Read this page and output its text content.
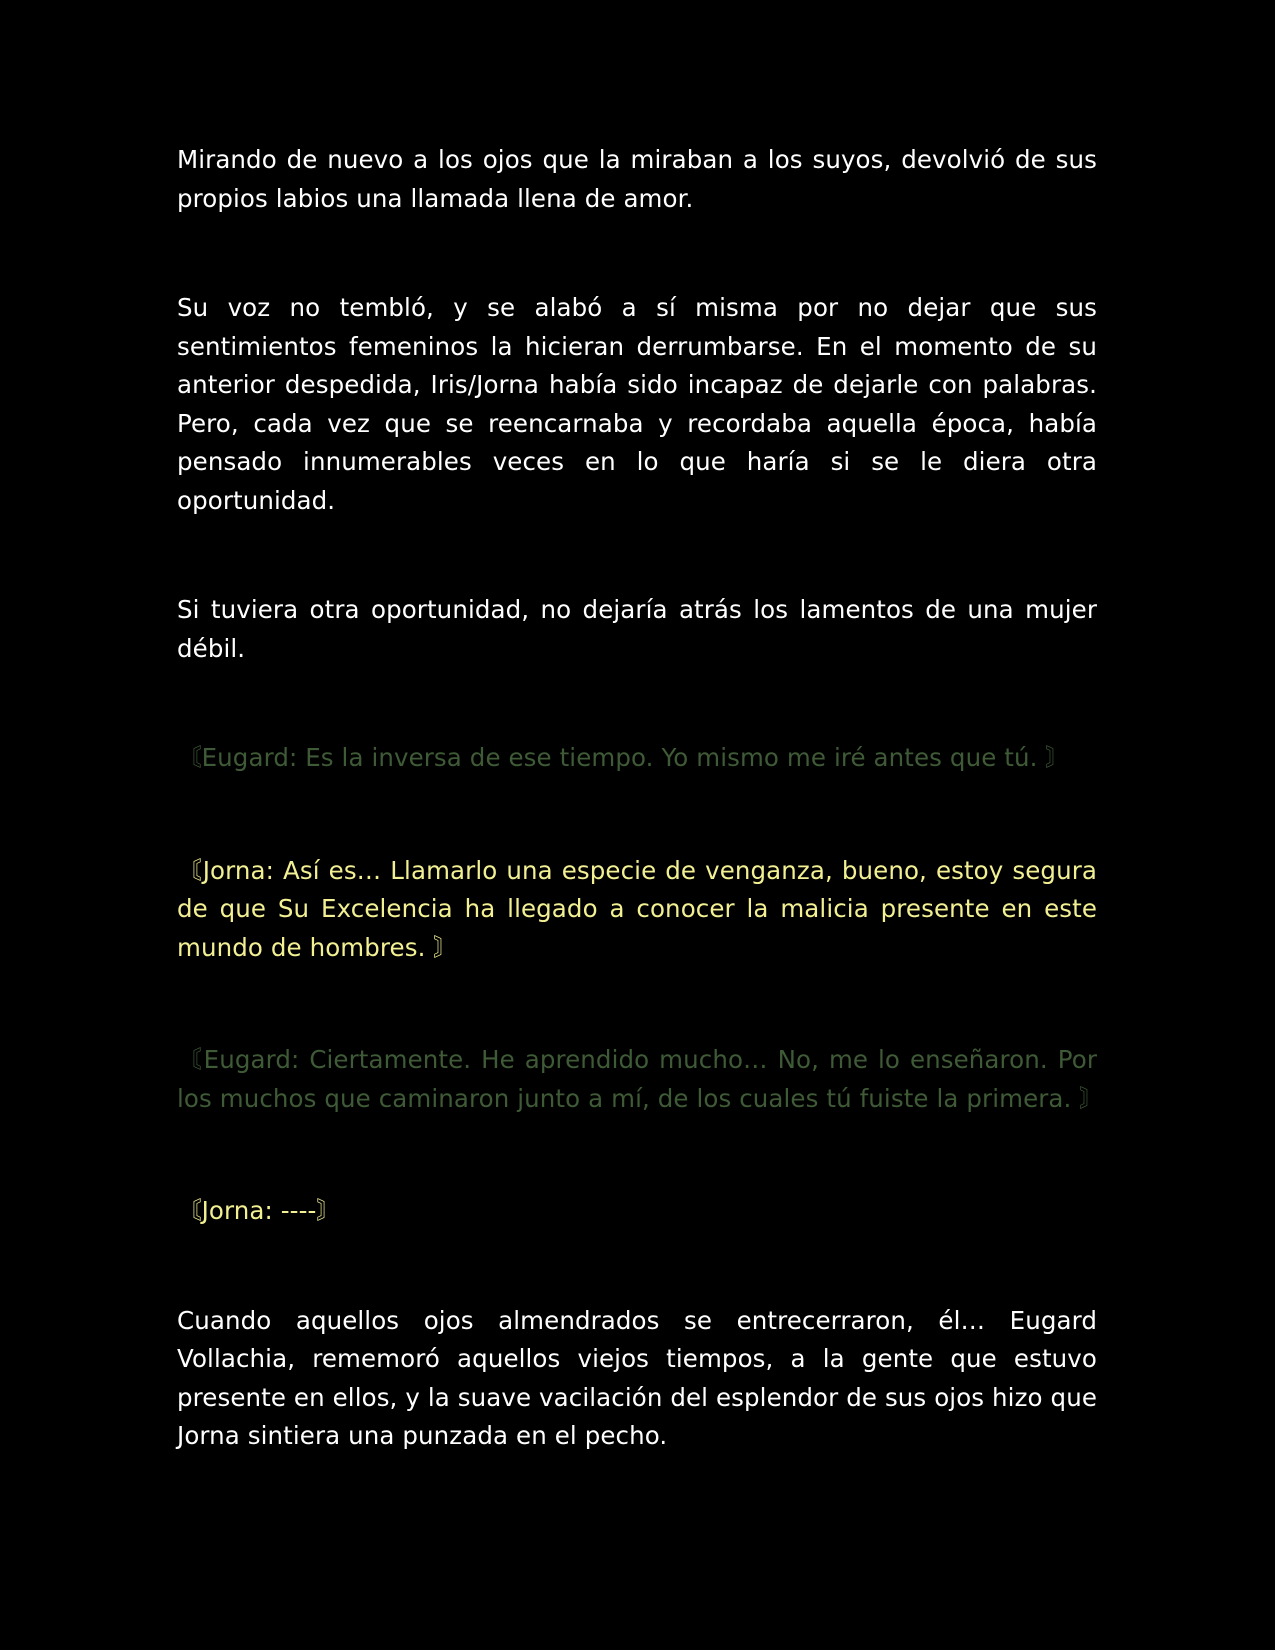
Mirando de nuevo a los ojos que la miraban a los suyos, devolvió de sus propios labios una llamada llena de amor.

Su voz no tembló, y se alabó a sí misma por no dejar que sus sentimientos femeninos la hicieran derrumbarse. En el momento de su anterior despedida, Iris/Jorna había sido incapaz de dejarle con palabras. Pero, cada vez que se reencarnaba y recordaba aquella época, había pensado innumerables veces en lo que haría si se le diera otra oportunidad.

Si tuviera otra oportunidad, no dejaría atrás los lamentos de una mujer débil.

〘Eugard: Es la inversa de ese tiempo. Yo mismo me iré antes que tú. 〙

〘Jorna: Así es… Llamarlo una especie de venganza, bueno, estoy segura de que Su Excelencia ha llegado a conocer la malicia presente en este mundo de hombres. 〙

〘Eugard: Ciertamente. He aprendido mucho… No, me lo enseñaron. Por los muchos que caminaron junto a mí, de los cuales tú fuiste la primera. 〙

〘Jorna: ----〙

Cuando aquellos ojos almendrados se entrecerraron, él… Eugard Vollachia, rememoró aquellos viejos tiempos, a la gente que estuvo presente en ellos, y la suave vacilación del esplendor de sus ojos hizo que Jorna sintiera una punzada en el pecho.
